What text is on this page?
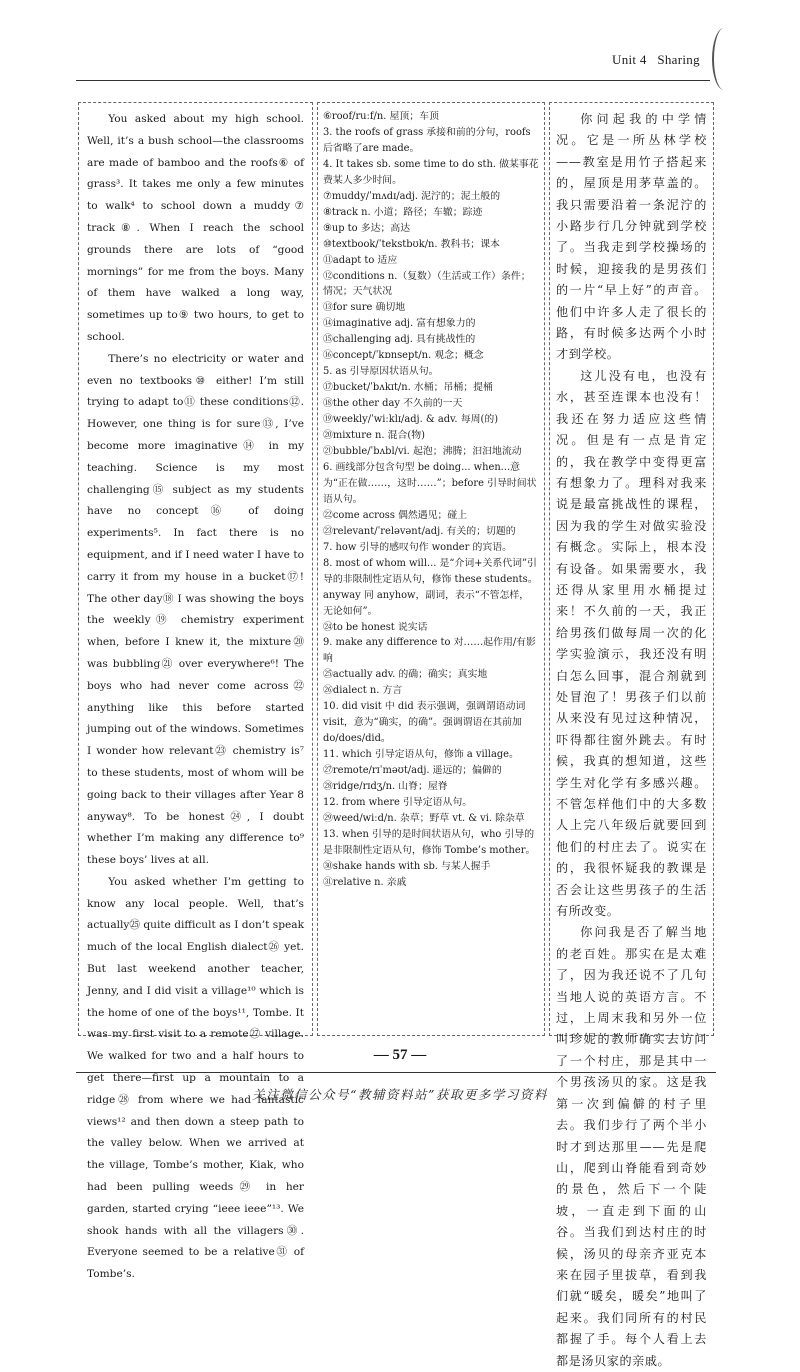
Unit 4 Sharing

You asked about my high school. Well, it’s a bush school—the classrooms are made of bamboo and the roofs⑥ of grass³. It takes me only a few minutes to walk⁴ to school down a muddy⑦ track⑧. When I reach the school grounds there are lots of “good mornings” for me from the boys. Many of them have walked a long way, sometimes up to⑨ two hours, to get to school.

There’s no electricity or water and even no textbooks⑩ either! I’m still trying to adapt to⑪ these conditions⑫. However, one thing is for sure⑬, I’ve become more imaginative⑭ in my teaching. Science is my most challenging⑮ subject as my students have no concept⑯ of doing experiments⁵. In fact there is no equipment, and if I need water I have to carry it from my house in a bucket⑰! The other day⑱ I was showing the boys the weekly⑲ chemistry experiment when, before I knew it, the mixture⑳ was bubbling㉑ over everywhere⁶! The boys who had never come across㉒ anything like this before started jumping out of the windows. Sometimes I wonder how relevant㉓ chemistry is⁷ to these students, most of whom will be going back to their villages after Year 8 anyway⁸. To be honest㉔, I doubt whether I’m making any difference to⁹ these boys’ lives at all.

You asked whether I’m getting to know any local people. Well, that’s actually㉕ quite difficult as I don’t speak much of the local English dialect㉖ yet. But last weekend another teacher, Jenny, and I did visit a village¹⁰ which is the home of one of the boys¹¹, Tombe. It was my first visit to a remote㉗ village. We walked for two and a half hours to get there—first up a mountain to a ridge㉘ from where we had fantastic views¹² and then down a steep path to the valley below. When we arrived at the village, Tombe’s mother, Kiak, who had been pulling weeds㉙ in her garden, started crying “ieee ieee”¹³. We shook hands with all the villagers㉚. Everyone seemed to be a relative㉛ of Tombe’s.

⑥roof/ruːf/n. 屋顶；车顶
3. the roofs of grass 承接和前的分句，roofs后省略了are made。
4. It takes sb. some time to do sth. 做某事花费某人多少时间。
⑦muddy/ˈmʌdɪ/adj. 泥泞的；泥土般的
⑧track n. 小道；路径；车辙；踪迹
⑨up to 多达；高达
⑩textbook/ˈtekstbʊk/n. 教科书；课本
⑪adapt to 适应
⑫conditions n.（复数）（生活或工作）条件；情况；天气状况
⑬for sure 确切地
⑭imaginative adj. 富有想象力的
⑮challenging adj. 具有挑战性的
⑯concept/ˈkɒnsept/n. 观念；概念
5. as 引导原因状语从句。
⑰bucket/ˈbʌkɪt/n. 水桶；吊桶；提桶
⑱the other day 不久前的一天
⑲weekly/ˈwiːklɪ/adj. & adv. 每周(的)
⑳mixture n. 混合(物)
㉑bubble/ˈbʌbl/vi. 起泡；沸腾；汩汩地流动
6. 画线部分包含句型 be doing... when...意为“正在做……，这时……”；before 引导时间状语从句。
㉒come across 偶然遇见；碰上
㉓relevant/ˈreləvənt/adj. 有关的；切题的
7. how 引导的感叹句作 wonder 的宾语。
8. most of whom will... 是“介词+关系代词”引导的非限制性定语从句，修饰 these students。
anyway 同 anyhow，副词，表示“不管怎样，无论如何”。
㉔to be honest 说实话
9. make any difference to 对……起作用/有影响
㉕actually adv. 的确；确实；真实地
㉖dialect n. 方言
10. did visit 中 did 表示强调，强调谓语动词 visit，意为“确实，的确”。强调谓语在其前加 do/does/did。
11. which 引导定语从句，修饰 a village。
㉗remote/rɪˈməʊt/adj. 遥远的；偏僻的
㉘ridge/rɪdʒ/n. 山脊；屋脊
12. from where 引导定语从句。
㉙weed/wiːd/n. 杂草；野草 vt. & vi. 除杂草
13. when 引导的是时间状语从句，who 引导的是非限制性定语从句，修饰 Tombe’s mother。
㉚shake hands with sb. 与某人握手
㉛relative n. 亲戚

你问起我的中学情况。它是一所丛林学校——教室是用竹子搭起来的，屋顶是用茅草盖的。我只需要沿着一条泥泞的小路步行几分钟就到学校了。当我走到学校操场的时候，迎接我的是男孩们的一片“早上好”的声音。他们中许多人走了很长的路，有时候多达两个小时才到学校。

这儿没有电，也没有水，甚至连课本也没有！我还在努力适应这些情况。但是有一点是肯定的，我在教学中变得更富有想象力了。理科对我来说是最富挑战性的课程，因为我的学生对做实验没有概念。实际上，根本没有设备。如果需要水，我还得从家里用水桶提过来！不久前的一天，我正给男孩们做每周一次的化学实验演示，我还没有明白怎么回事，混合剂就到处冒泡了！男孩子们以前从来没有见过这种情况，吓得都往窗外跳去。有时候，我真的想知道，这些学生对化学有多感兴趣。不管怎样他们中的大多数人上完八年级后就要回到他们的村庄去了。说实在的，我很怀疑我的教课是否会让这些男孩子的生活有所改变。

你问我是否了解当地的老百姓。那实在是太难了，因为我还说不了几句当地人说的英语方言。不过，上周末我和另外一位叫珍妮的教师确实去访问了一个村庄，那是其中一个男孩汤贝的家。这是我第一次到偏僻的村子里去。我们步行了两个半小时才到达那里——先是爬山，爬到山脊能看到奇妙的景色，然后下一个陡坡，一直走到下面的山谷。当我们到达村庄的时候，汤贝的母亲齐亚克本来在园子里拔草，看到我们就“暖矣，暖矣”地叫了起来。我们同所有的村民都握了手。每个人看上去都是汤贝家的亲戚。

— 57 —
关注微信公众号“教辅资料站”获取更多学习资料
